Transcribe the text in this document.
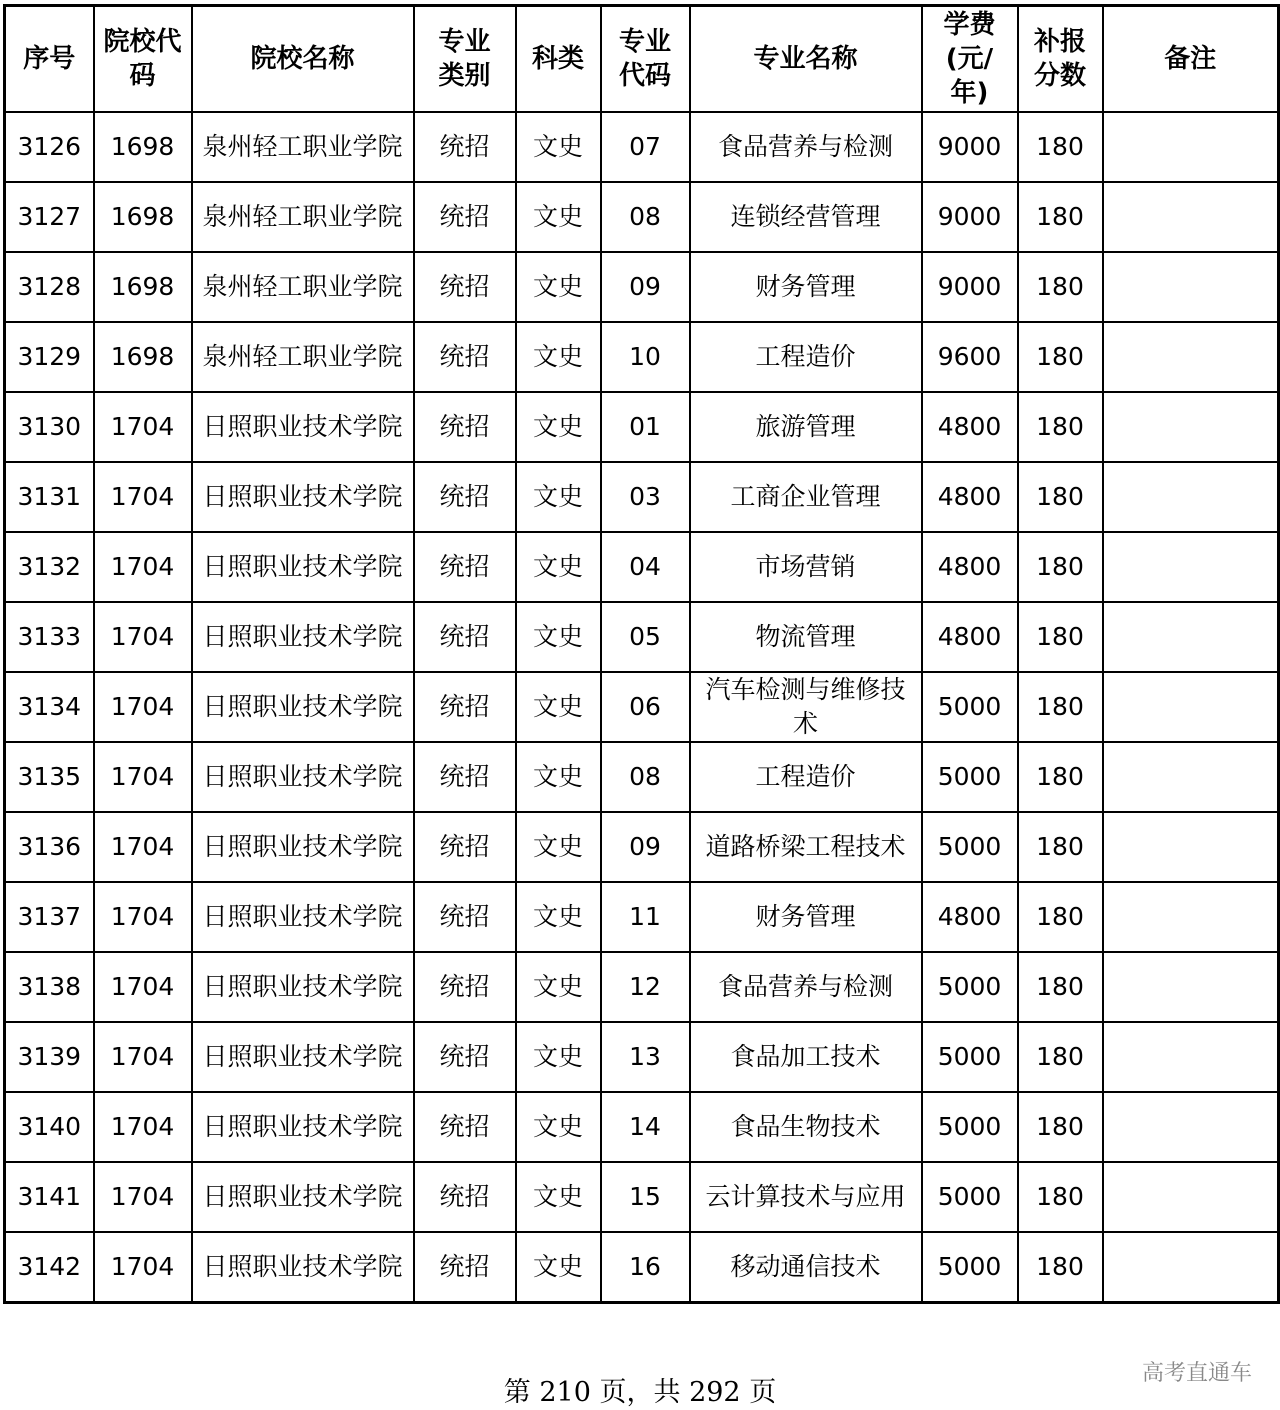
序号	院校代码	院校名称	专业类别	科类	专业代码	专业名称	学费(元/年)	补报分数	备注
3126	1698	泉州轻工职业学院	统招	文史	07	食品营养与检测	9000	180	
3127	1698	泉州轻工职业学院	统招	文史	08	连锁经营管理	9000	180	
3128	1698	泉州轻工职业学院	统招	文史	09	财务管理	9000	180	
3129	1698	泉州轻工职业学院	统招	文史	10	工程造价	9600	180	
3130	1704	日照职业技术学院	统招	文史	01	旅游管理	4800	180	
3131	1704	日照职业技术学院	统招	文史	03	工商企业管理	4800	180	
3132	1704	日照职业技术学院	统招	文史	04	市场营销	4800	180	
3133	1704	日照职业技术学院	统招	文史	05	物流管理	4800	180	
3134	1704	日照职业技术学院	统招	文史	06	汽车检测与维修技术	5000	180	
3135	1704	日照职业技术学院	统招	文史	08	工程造价	5000	180	
3136	1704	日照职业技术学院	统招	文史	09	道路桥梁工程技术	5000	180	
3137	1704	日照职业技术学院	统招	文史	11	财务管理	4800	180	
3138	1704	日照职业技术学院	统招	文史	12	食品营养与检测	5000	180	
3139	1704	日照职业技术学院	统招	文史	13	食品加工技术	5000	180	
3140	1704	日照职业技术学院	统招	文史	14	食品生物技术	5000	180	
3141	1704	日照职业技术学院	统招	文史	15	云计算技术与应用	5000	180	
3142	1704	日照职业技术学院	统招	文史	16	移动通信技术	5000	180	
第 210 页，共 292 页
高考直通车
